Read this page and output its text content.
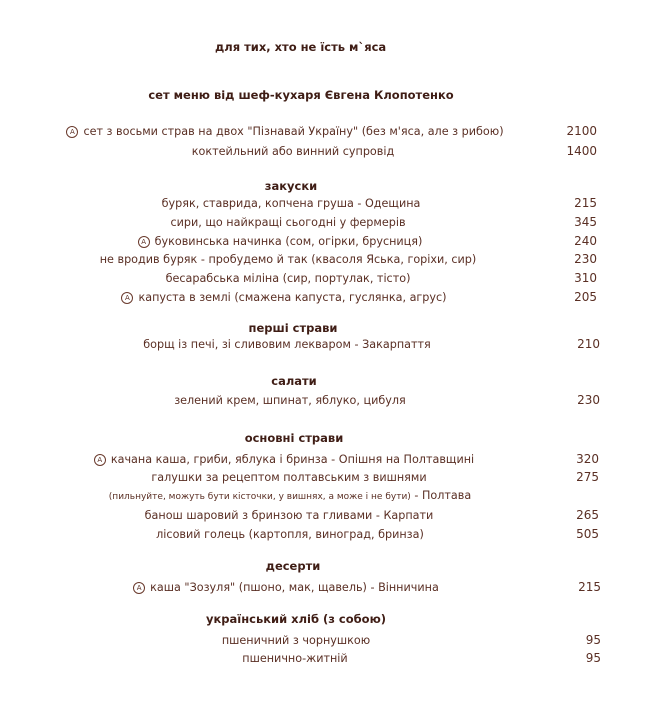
для тих, хто не їсть м`ясa
сет меню від шеф-кухаря Євгена Клопотенко
A сет з восьми страв на двох "Пізнавай Україну" (без м'яса, але з рибою)	2100
коктейльний або винний супровід	1400
закуски
буряк, ставрида, копчена груша - Одещина	215
сири, що найкращі сьогодні у фермерів	345
A буковинська начинка (сом, огірки, брусниця)	240
не вродив буряк - пробудемо й так (квасоля Яська, горіхи, сир)	230
бесарабська міліна (сир, портулак, тісто)	310
A капуста в землі (смажена капуста, гуслянка, агрус)	205
перші страви
борщ із печі, зі сливовим леквaром - Закарпаття	210
салати
зелений крем, шпинат, яблуко, цибуля	230
основні страви
A качана каша, гриби, яблука і бринза - Опішня на Полтавщині	320
галушки за рецептом полтавським з вишнями	275
(пильнуйте, можуть бути кісточки, у вишнях, а може і не бути) - Полтава
банош шаровий з бринзою та гливами - Карпати	265
лісовий голець (картопля, виноград, бринза)	505
десерти
A каша "Зозуля" (пшоно, мак, щавель) - Вінничина	215
український хліб (з собою)
пшеничний з чорнушкою	95
пшенично-житній	95
